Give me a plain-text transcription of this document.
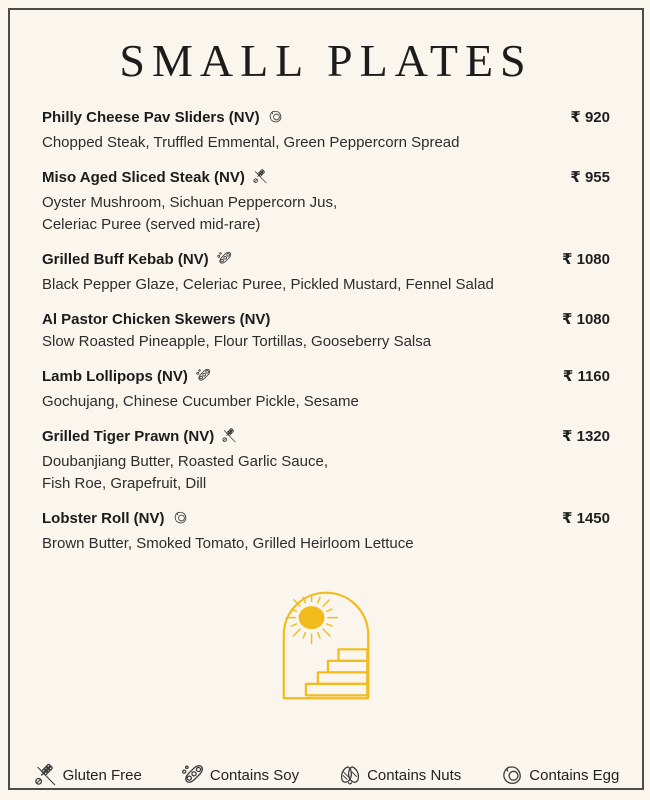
SMALL PLATES
Philly Cheese Pav Sliders (NV)	₹ 920
Chopped Steak, Truffled Emmental, Green Peppercorn Spread
Miso Aged Sliced Steak (NV)	₹ 955
Oyster Mushroom, Sichuan Peppercorn Jus,
Celeriac Puree (served mid-rare)
Grilled Buff Kebab (NV)	₹ 1080
Black Pepper Glaze, Celeriac Puree, Pickled Mustard, Fennel Salad
Al Pastor Chicken Skewers (NV)	₹ 1080
Slow Roasted Pineapple, Flour Tortillas, Gooseberry Salsa
Lamb Lollipops (NV)	₹ 1160
Gochujang, Chinese Cucumber Pickle, Sesame
Grilled Tiger Prawn (NV)	₹ 1320
Doubanjiang Butter, Roasted Garlic Sauce,
Fish Roe, Grapefruit, Dill
Lobster Roll (NV)	₹ 1450
Brown Butter, Smoked Tomato, Grilled Heirloom Lettuce
Gluten Free	Contains Soy	Contains Nuts	Contains Egg
